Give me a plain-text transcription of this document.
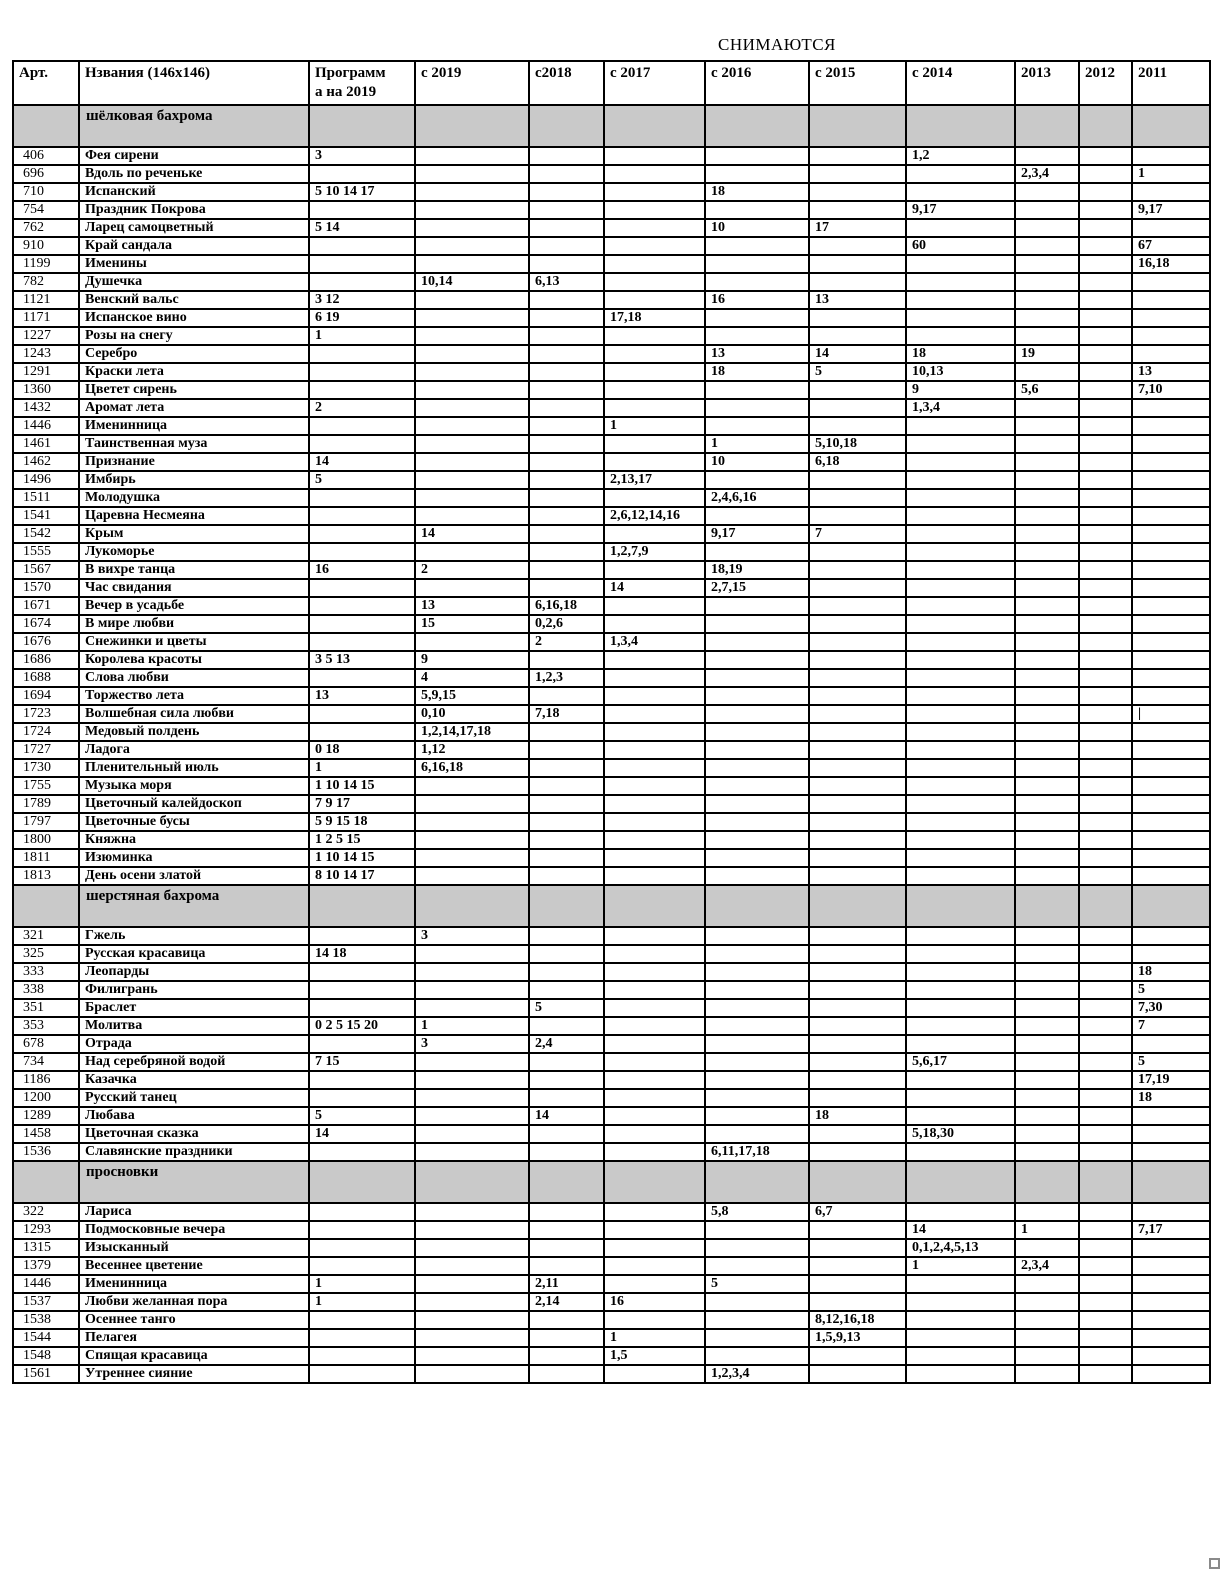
СНИМАЮТСЯ
Арт.	Нзвания (146x146)	Программ
а на 2019	с 2019	с2018	с 2017	с 2016	с 2015	с 2014	2013	2012	2011
	шёлковая бахрома										
406	Фея сирени	3						1,2			
696	Вдоль по реченьке								2,3,4		1
710	Испанский	5 10 14 17				18					
754	Праздник Покрова							9,17			9,17
762	Ларец самоцветный	5 14				10	17				
910	Край сандала							60			67
1199	Именины										16,18
782	Душечка		10,14	6,13							
1121	Венский вальс	3 12				16	13				
1171	Испанское вино	6 19			17,18						
1227	Розы на снегу	1									
1243	Серебро					13	14	18	19		
1291	Краски лета					18	5	10,13			13
1360	Цветет сирень							9	5,6		7,10
1432	Аромат лета	2						1,3,4			
1446	Именинница				1						
1461	Таинственная муза					1	5,10,18				
1462	Признание	14				10	6,18				
1496	Имбирь	5			2,13,17						
1511	Молодушка					2,4,6,16					
1541	Царевна Несмеяна				2,6,12,14,16						
1542	Крым		14			9,17	7				
1555	Лукоморье				1,2,7,9						
1567	В вихре танца	16	2			18,19					
1570	Час свидания				14	2,7,15					
1671	Вечер в усадьбе		13	6,16,18							
1674	В мире любви		15	0,2,6							
1676	Снежинки и цветы			2	1,3,4						
1686	Королева красоты	3 5 13	9								
1688	Слова любви		4	1,2,3							
1694	Торжество лета	13	5,9,15								
1723	Волшебная сила любви		0,10	7,18							|
1724	Медовый полдень		1,2,14,17,18								
1727	Ладога	0 18	1,12								
1730	Пленительный июль	1	6,16,18								
1755	Музыка моря	1 10 14 15									
1789	Цветочный калейдоскоп	7 9 17									
1797	Цветочные бусы	5 9 15 18									
1800	Княжна	1 2 5 15									
1811	Изюминка	1 10 14 15									
1813	День осени златой	8 10 14 17									
	шерстяная бахрома										
321	Гжель		3								
325	Русская красавица	14 18									
333	Леопарды										18
338	Филигрань										5
351	Браслет			5							7,30
353	Молитва	0 2 5 15 20	1								7
678	Отрада		3	2,4							
734	Над серебряной водой	7 15						5,6,17			5
1186	Казачка										17,19
1200	Русский танец										18
1289	Любава	5		14			18				
1458	Цветочная сказка	14						5,18,30			
1536	Славянские праздники					6,11,17,18					
	просновки										
322	Лариса					5,8	6,7				
1293	Подмосковные вечера							14	1		7,17
1315	Изысканный							0,1,2,4,5,13			
1379	Весеннее цветение							1	2,3,4		
1446	Именинница	1		2,11		5					
1537	Любви желанная пора	1		2,14	16						
1538	Осеннее танго						8,12,16,18				
1544	Пелагея				1		1,5,9,13				
1548	Спящая красавица				1,5						
1561	Утреннее сияние					1,2,3,4					
